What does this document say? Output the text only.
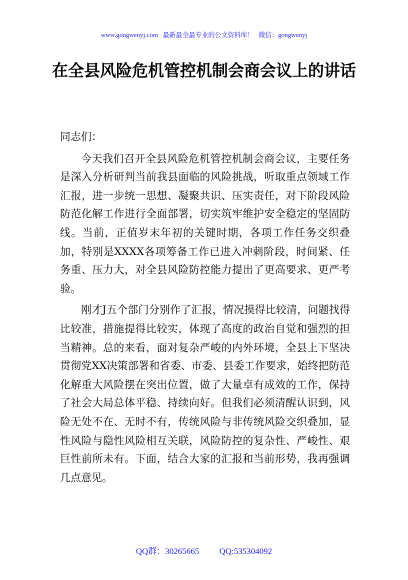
www.gongwenyj.com 最新最全最专业的公文资料库！ 微信：gongwenyj
在全县风险危机管控机制会商会议上的讲话

同志们：

今天我们召开全县风险危机管控机制会商会议，主要任务是深入分析研判当前我县面临的风险挑战，听取重点领域工作汇报，进一步统一思想、凝聚共识、压实责任，对下阶段风险防范化解工作进行全面部署，切实筑牢维护安全稳定的坚固防线。当前，正值岁末年初的关键时期，各项工作任务交织叠加，特别是XXXX各项筹备工作已进入冲刺阶段，时间紧、任务重、压力大，对全县风险防控能力提出了更高要求、更严考验。

刚才J五个部门分别作了汇报，情况摸得比较清，问题找得比较准，措施提得比较实，体现了高度的政治自觉和强烈的担当精神。总的来看，面对复杂严峻的内外环境，全县上下坚决贯彻党XX决策部署和省委、市委、县委工作要求，始终把防范化解重大风险摆在突出位置，做了大量卓有成效的工作，保持了社会大局总体平稳、持续向好。但我们必须清醒认识到，风险无处不在、无时不有，传统风险与非传统风险交织叠加，显性风险与隐性风险相互关联，风险防控的复杂性、严峻性、艰巨性前所未有。下面，结合大家的汇报和当前形势，我再强调几点意见。

QQ群：30265665 QQ:535304092
